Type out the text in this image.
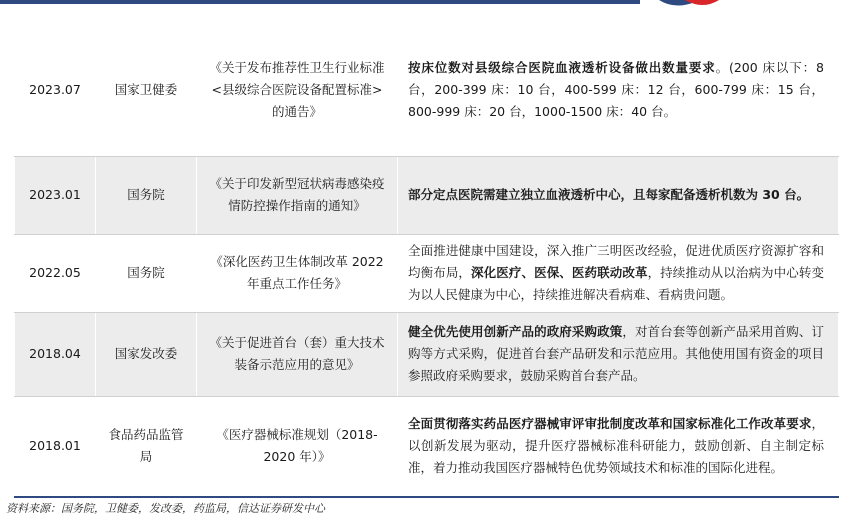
2023.07	国家卫健委	《关于发布推荐性卫生行业标准<县级综合医院设备配置标准>的通告》	按床位数对县级综合医院血液透析设备做出数量要求。(200 床以下：8 台，200-399 床：10 台，400-599 床：12 台，600-799 床：15 台，800-999 床：20 台，1000-1500 床：40 台。
2023.01	国务院	《关于印发新型冠状病毒感染疫情防控操作指南的通知》	部分定点医院需建立独立血液透析中心，且每家配备透析机数为 30 台。
2022.05	国务院	《深化医药卫生体制改革 2022 年重点工作任务》	全面推进健康中国建设，深入推广三明医改经验，促进优质医疗资源扩容和均衡布局，深化医疗、医保、医药联动改革，持续推动从以治病为中心转变为以人民健康为中心，持续推进解决看病难、看病贵问题。
2018.04	国家发改委	《关于促进首台（套）重大技术装备示范应用的意见》	健全优先使用创新产品的政府采购政策，对首台套等创新产品采用首购、订购等方式采购，促进首台套产品研发和示范应用。其他使用国有资金的项目参照政府采购要求，鼓励采购首台套产品。
2018.01	食品药品监管局	《医疗器械标准规划（2018-2020 年）》	全面贯彻落实药品医疗器械审评审批制度改革和国家标准化工作改革要求，以创新发展为驱动，提升医疗器械标准科研能力，鼓励创新、自主制定标准，着力推动我国医疗器械特色优势领域技术和标准的国际化进程。
资料来源：国务院，卫健委，发改委，药监局，信达证券研发中心
